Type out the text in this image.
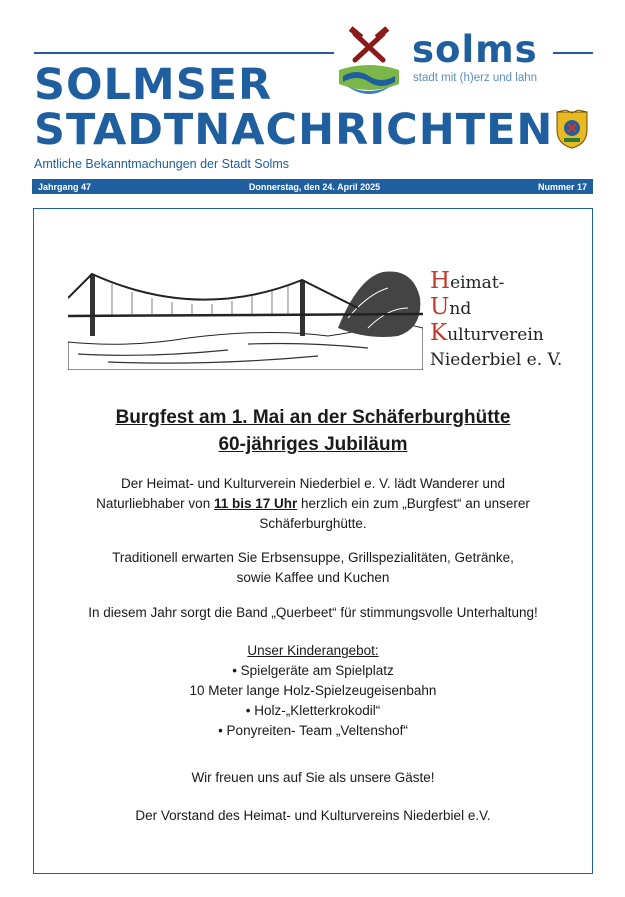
solms
stadt mit (h)erz und lahn
SOLMSER
STADTNACHRICHTEN
Amtliche Bekanntmachungen der Stadt Solms
Jahrgang 47	Donnerstag, den 24. April 2025	Nummer 17
Heimat-
Und
Kulturverein
Niederbiel e. V.
Burgfest am 1. Mai an der Schäferburghütte
60-jähriges Jubiläum
Der Heimat- und Kulturverein Niederbiel e. V. lädt Wanderer und
Naturliebhaber von 11 bis 17 Uhr herzlich ein zum „Burgfest“ an unserer
Schäferburghütte.
Traditionell erwarten Sie Erbsensuppe, Grillspezialitäten, Getränke,
sowie Kaffee und Kuchen
In diesem Jahr sorgt die Band „Querbeet“ für stimmungsvolle Unterhaltung!
Unser Kinderangebot:
• Spielgeräte am Spielplatz
10 Meter lange Holz-Spielzeugeisenbahn
• Holz-„Kletterkrokodil“
• Ponyreiten- Team „Veltenshof“
Wir freuen uns auf Sie als unsere Gäste!
Der Vorstand des Heimat- und Kulturvereins Niederbiel e.V.
